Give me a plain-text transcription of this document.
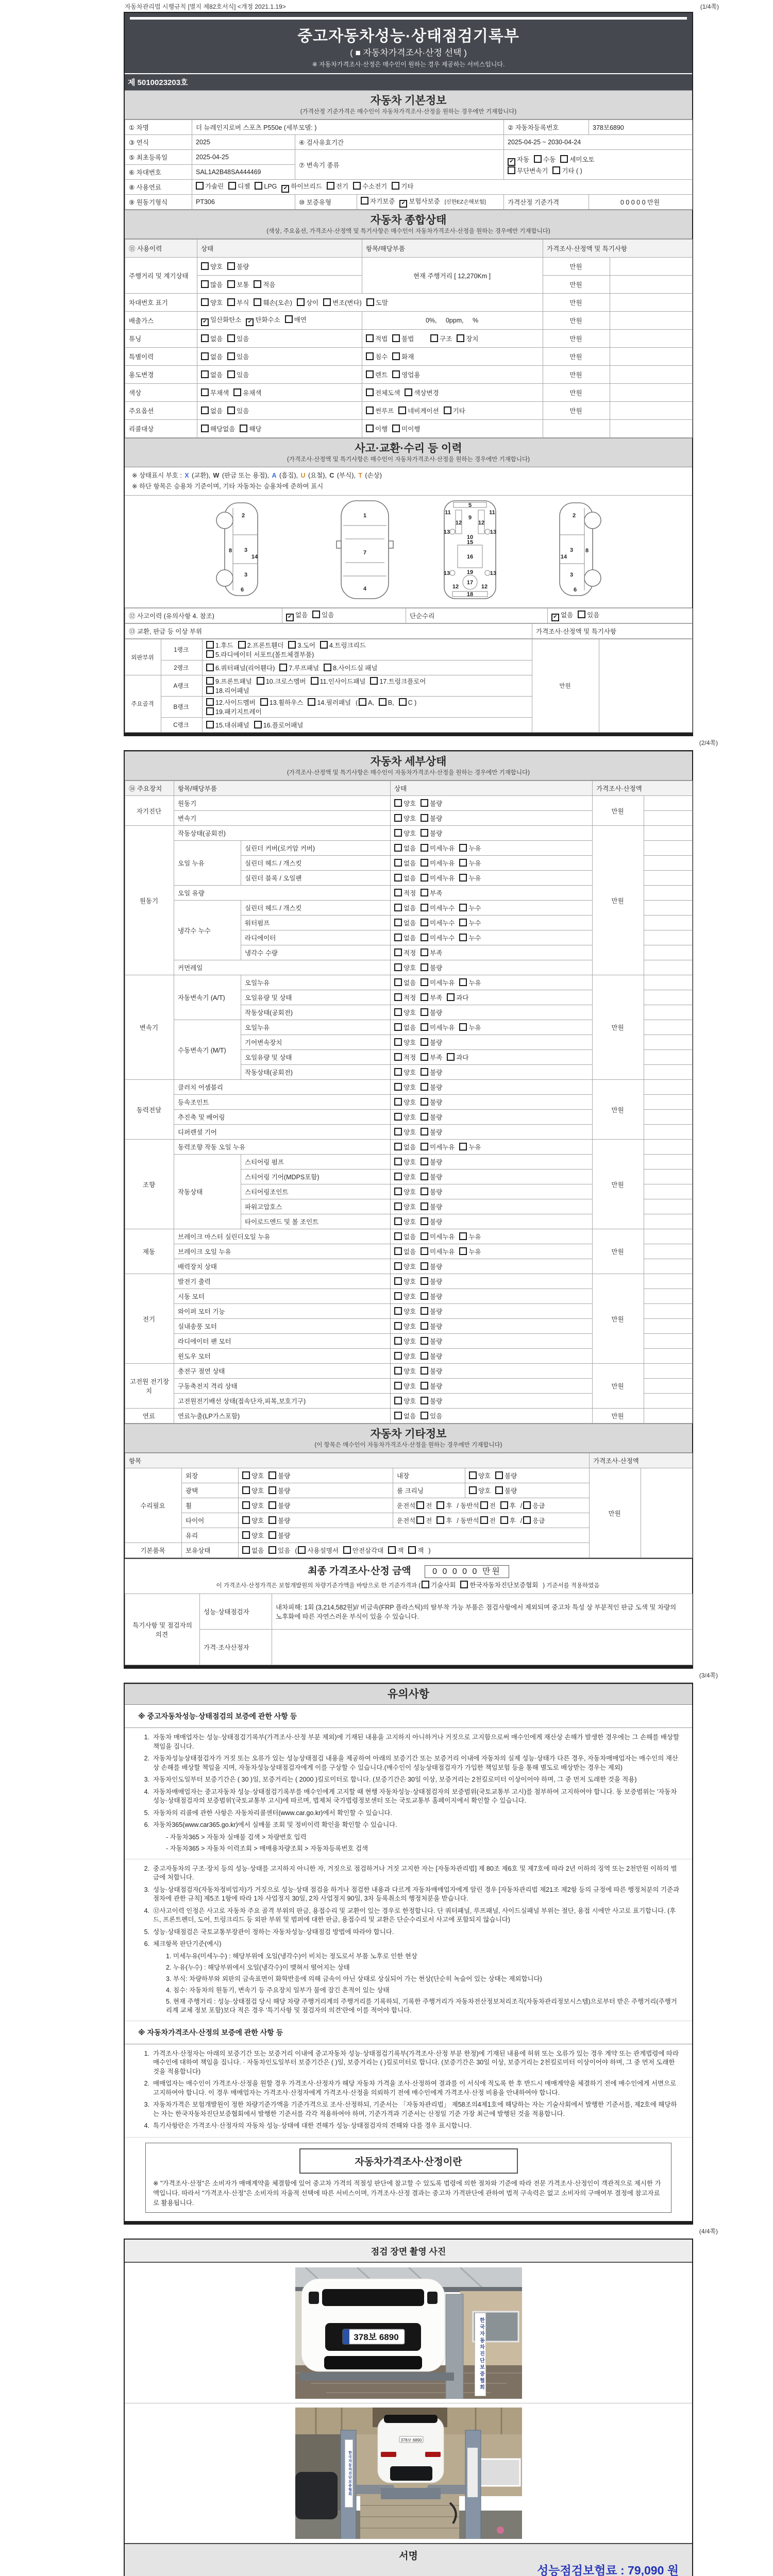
자동차관리법 시행규칙 [별지 제82호서식] <개정 2021.1.19>	(1/4쪽)
중고자동차성능·상태점검기록부
( ■ 자동차가격조사·산정 선택 )
※ 자동차가격조사·산정은 매수인이 원하는 경우 제공하는 서비스입니다.
제 5010023203호
자동차 기본정보
(가격산정 기준가격은 매수인이 자동차가격조사·산정을 원하는 경우에만 기재합니다)
① 차명	더 뉴레인지로버 스포츠 P550e (세부모델: )			② 자동차등록번호	378보6890
③ 연식	2025	④ 검사유효기간		2025-04-25 ~ 2030-04-24	
⑤ 최초등록일	2025-04-25	⑦ 변속기 종류		✔ 자동 수동 세미오토
무단변속기 기타 ( )	
⑥ 차대번호	SAL1A2B48SA444469				
⑧ 사용연료	가솔린 디젤 LPG ✔ 하이브리드 전기 수소전기 기타				
⑨ 원동기형식	PT306	⑩ 보증유형	자기보증 ✔ 보험사보증 [신한EZ손해보험]	가격산정 기준가격	0 0 0 0 0 만원
자동차 종합상태
(색상, 주요옵션, 가격조사·산정액 및 특기사항은 매수인이 자동차가격조사·산정을 원하는 경우에만 기재합니다)
⑪ 사용이력	상태	항목/해당부품	가격조사·산정액 및 특기사항	
주행거리 및 계기상태	양호 불량	현재 주행거리 [ 12,270Km ]	만원	
	많음 보통 적음		만원	
차대번호 표기	양호 부식 훼손(오손) 상이 변조(변타) 도말		만원	
배출가스	✔ 일산화탄소 ✔ 탄화수소 매연	0%,     0ppm,     %	만원	
튜닝	없음 있음	적법 불법 구조 장치	만원	
특별이력	없음 있음	침수 화재	만원	
용도변경	없음 있음	렌트 영업용	만원	
색상	무채색 유채색	전체도색 색상변경	만원	
주요옵션	없음 있음	썬루프 네비게이션 기타	만원	
리콜대상	해당없음 해당	이행 미이행		
사고·교환·수리 등 이력
(가격조사·산정액 및 특기사항은 매수인이 자동차가격조사·산정을 원하는 경우에만 기재합니다)
※ 상태표시 부호 : X (교환), W (판금 또는 용접), A (흠집), U (요철), C (부식), T (손상)
※ 하단 항목은 승용차 기준이며, 기타 자동차는 승용차에 준하여 표시
2
8 3
3
14
6
1
7
4
5
11	11
12	12
9
13	13
10
15
16
13	13
19
17
12	12
18
2
8
3
3
14
6
⑫ 사고이력 (유의사항 4. 참조)	✔ 없음 있음	단순수리	✔ 없음 있음
⑬ 교환, 판금 등 이상 부위	가격조사·산정액 및 특기사항
외판부위	1랭크	1.후드 2.프론트휀더 3.도어 4.트렁크리드
5.라디에이터 서포트(볼트체결부품)	만원	
	2랭크	6.쿼터패널(리어휀다) 7.루프패널 8.사이드실 패널		
주요골격	A랭크	9.프론트패널 10.크로스멤버 11.인사이드패널 17.트렁크플로어
18.리어패널		
	B랭크	12.사이드멤버 13.휠하우스 14.필러패널 ( A, B, C )
19.패키지트레이		
	C랭크	15.대쉬패널 16.플로어패널		
(2/4쪽)
자동차 세부상태
(가격조사·산정액 및 특기사항은 매수인이 자동차가격조사·산정을 원하는 경우에만 기재합니다)
⑭ 주요장치	항목/해당부품		상태	가격조사·산정액	
자기진단	원동기		양호 불량	만원	
	변속기		양호 불량		
원동기	작동상태(공회전)		양호 불량	만원	
	오일 누유	실린더 커버(로커암 커버)	없음 미세누유 누유		
		실린더 헤드 / 개스킷	없음 미세누유 누유		
		실린더 블록 / 오일팬	없음 미세누유 누유		
	오일 유량		적정 부족		
	냉각수 누수	실린더 헤드 / 개스킷	없음 미세누수 누수		
		워터펌프	없음 미세누수 누수		
		라디에이터	없음 미세누수 누수		
		냉각수 수량	적정 부족		
	커먼레일		양호 불량		
변속기	자동변속기 (A/T)	오일누유	없음 미세누유 누유	만원	
		오일유량 및 상태	적정 부족 과다		
		작동상태(공회전)	양호 불량		
	수동변속기 (M/T)	오일누유	없음 미세누유 누유		
		기어변속장치	양호 불량		
		오일유량 및 상태	적정 부족 과다		
		작동상태(공회전)	양호 불량		
동력전달	클러치 어셈블리		양호 불량	만원	
	등속조인트		양호 불량		
	추진축 및 베어링		양호 불량		
	디퍼렌셜 기어		양호 불량		
조향	동력조향 작동 오일 누유		없음 미세누유 누유	만원	
	작동상태	스티어링 펌프	양호 불량		
		스티어링 기어(MDPS포함)	양호 불량		
		스티어링조인트	양호 불량		
		파워고압호스	양호 불량		
		타이로드엔드 및 볼 조인트	양호 불량		
제동	브레이크 마스터 실린더오일 누유		없음 미세누유 누유	만원	
	브레이크 오일 누유		없음 미세누유 누유		
	배력장치 상태		양호 불량		
전기	발전기 출력		양호 불량	만원	
	시동 모터		양호 불량		
	와이퍼 모터 기능		양호 불량		
	실내송풍 모터		양호 불량		
	라디에이터 팬 모터		양호 불량		
	윈도우 모터		양호 불량		
고전원 전기장치	충전구 절연 상태		양호 불량	만원	
	구동축전지 격리 상태		양호 불량		
	고전원전기배선 상태(접속단자,피복,보호기구)		양호 불량		
연료	연료누출(LP가스포함)		없음 있음	만원	
자동차 기타정보
(이 항목은 매수인이 자동차가격조사·산정을 원하는 경우에만 기재합니다)
항목					가격조사·산정액	
수리필요	외장	양호 불량	내장	양호 불량	만원	
	광택	양호 불량	룸 크리닝	양호 불량		
	휠	양호 불량	운전석 전 후 / 동반석 전 후 / 응급			
	타이어	양호 불량	운전석 전 후 / 동반석 전 후 / 응급			
	유리	양호 불량				
기본품목	보유상태	없음 있음 ( 사용설명서 안전삼각대 잭 잭 )				
최종 가격조사·산정 금액	0 0 0 0 0 만원
이 가격조사·산정가격은 보험개발원의 차량기준가액을 바탕으로 한 기준가격과 ( 기술사회 한국자동차진단보증협회 ) 기준서를 적용하였음
특기사항 및 점검자의 의견	성능·상태점검자	내차피해: 1회 (3,214,582원)// 비금속(FRP 플라스틱)의 탈부착 가능 부품은 점검사항에서 제외되며 중고차 특성 상 부분적인 판금 도색 및 차량의 노후화에 따른 자연스러운 부식이 있을 수 있습니다.
	가격·조사산정자	
(3/4쪽)
유의사항
※ 중고자동차성능·상태점검의 보증에 관한 사항 등
1. 자동차 매매업자는 성능·상태점검기록부(가격조사·산정 부분 제외)에 기재된 내용을 고지하지 아니하거나 거짓으로 고지함으로써 매수인에게 재산상 손해가 발생한 경우에는 그 손해를 배상할 책임을 집니다.
2. 자동차성능상태점검자가 거짓 또는 오류가 있는 성능상태점검 내용을 제공하여 아래의 보증기간 또는 보증거리 이내에 자동차의 실제 성능·상태가 다른 경우, 자동차매매업자는 매수인의 재산상 손해를 배상할 책임을 지며, 자동차성능상태점검자에게 이를 구상할 수 있습니다.(매수인이 성능상태점검자가 가입한 책임보험 등을 통해 별도로 배상받는 경우는 제외)
3. 자동차인도일부터 보증기간은 ( 30 )일, 보증거리는 ( 2000 )킬로미터로 합니다. (보증기간은 30일 이상, 보증거리는 2천킬로미터 이상이어야 하며, 그 중 먼저 도래한 것을 적용)
4. 자동차매매업자는 중고자동차 성능·상태점검기록부를 매수인에게 고지할 때 현행 자동차성능·상태점검자의 보증범위(국토교통부 고시)를 첨부하여 고지하여야 합니다. 동 보증범위는 '자동차성능·상태점검자의 보증범위'(국토교통부 고시)에 따르며, 법제처 국가법령정보센터 또는 국토교통부 홈페이지에서 확인할 수 있습니다.
5. 자동차의 리콜에 관한 사항은 자동차리콜센터(www.car.go.kr)에서 확인할 수 있습니다.
6. 자동차365(www.car365.go.kr)에서 실매물 조회 및 정비이력 확인을 확인할 수 있습니다.
- 자동차365 > 자동차 실매물 검색 > 차량번호 입력
- 자동차365 > 자동차 이력조회 > 매매용차량조회 > 자동차등록번호 검색
2. 중고자동차의 구조·장치 등의 성능·상태를 고지하지 아니한 자, 거짓으로 점검하거나 거짓 고지한 자는 [자동차관리법] 제 80조 제6호 및 제7호에 따라 2년 이하의 징역 또는 2천만원 이하의 벌금에 처합니다.
3. 성능·상태점검자(자동차정비업자)가 거짓으로 성능·상태 점검을 하거나 점검한 내용과 다르게 자동차매매업자에게 알린 경우 [자동차관리법 제21조 제2항 등의 규정에 따른 행정처분의 기준과 절차에 관한 규칙] 제5조 1항에 따라 1차 사업정지 30일, 2차 사업정지 90일, 3차 등록취소의 행정처분을 받습니다.
4. ⑫사고이력 인정은 사고로 자동차 주요 골격 부위의 판금, 용접수리 및 교환이 있는 경우로 한정합니다. 단 쿼터패널, 루프패널, 사이드실패널 부위는 절단, 용접 시에만 사고로 표기합니다. (후드, 프론트펜더, 도어, 트렁크리드 등 외판 부위 및 범퍼에 대한 판금, 용접수리 및 교환은 단순수리로서 사고에 포함되지 않습니다)
5. 성능·상태점검은 국토교통부장관이 정하는 자동차성능·상태점검 방법에 따라야 합니다.
6. 체크항목 판단기준(예시)
1. 미세누유(미세누수) : 해당부위에 오일(냉각수)이 비치는 정도로서 부품 노후로 인한 현상
2. 누유(누수) : 해당부위에서 오일(냉각수)이 맺혀서 떨어지는 상태
3. 부식: 차량하부와 외판의 금속표면이 화학반응에 의해 금속이 아닌 상태로 상실되어 가는 현상(단순히 녹슬어 있는 상태는 제외합니다)
4. 침수: 자동차의 원동기, 변속기 등 주요장치 일부가 물에 잠긴 흔적이 있는 상태
5. 현재 주행거리 : 성능·상태점검 당시 해당 차량 주행거리계의 주행거리를 기록하되, 기록한 주행거리가 자동차전산정보처리조직(자동차관리정보시스템)으로부터 받은 주행거리(주행거리계 교체 정보 포함)보다 적은 경우 '특기사항 및 점검자의 의견'란에 이를 적어야 합니다.
※ 자동차가격조사·산정의 보증에 관한 사항 등
1. 가격조사·산정자는 아래의 보증기간 또는 보증거리 이내에 중고자동차 성능·상태점검기록부(가격조사·산정 부분 한정)에 기재된 내용에 허위 또는 오류가 있는 경우 계약 또는 관계법령에 따라 매수인에 대하여 책임을 집니다. · 자동차인도일부터 보증기간은 ( )일, 보증거리는 ( )킬로미터로 합니다. (보증기간은 30일 이상, 보증거리는 2천킬로미터 이상이어야 하며, 그 중 먼저 도래한 것을 적용합니다)
2. 매매업자는 매수인이 가격조사·산정을 원할 경우 가격조사·산정자가 해당 자동차 가격을 조사·산정하여 결과를 이 서식에 적도록 한 후 반드시 매매계약을 체결하기 전에 매수인에게 서면으로 고지하여야 합니다. 이 경우 매매업자는 가격조사·산정자에게 가격조사·산정을 의뢰하기 전에 매수인에게 가격조사·산정 비용을 안내하여야 합니다.
3. 자동차가격은 보험개발원이 정한 차량기준가액을 기준가격으로 조사·산정하되, 기준서는 「자동차관리법」 제58조의4제1호에 해당하는 자는 기술사회에서 발행한 기준서를, 제2호에 해당하는 자는 한국자동차진단보증협회에서 발행한 기준서를 각각 적용하여야 하며, 기준가격과 기준서는 산정일 기준 가장 최근에 발행된 것을 적용합니다.
4. 특기사항란은 가격조사·산정자의 자동차 성능·상태에 대한 견해가 성능·상태점검자의 견해와 다를 경우 표시합니다.
자동차가격조사·산정이란
※ "가격조사·산정"은 소비자가 매매계약을 체결함에 있어 중고차 가격의 적절성 판단에 참고할 수 있도록 법령에 의한 절차와 기준에 따라 전문 가격조사·산정인이 객관적으로 제시한 가액입니다. 따라서 "가격조사·산정"은 소비자의 자율적 선택에 따른 서비스이며, 가격조사·산정 결과는 중고차 가격판단에 관하여 법적 구속력은 없고 소비자의 구매여부 결정에 참고자료로 활용됩니다.
(4/4쪽)
점검 장면 촬영 사진
378보 6890	한국자동차진단보증협회
378보 6890
한국자동차진단보증협회
서명
성능점검보험료 : 79,090 원
